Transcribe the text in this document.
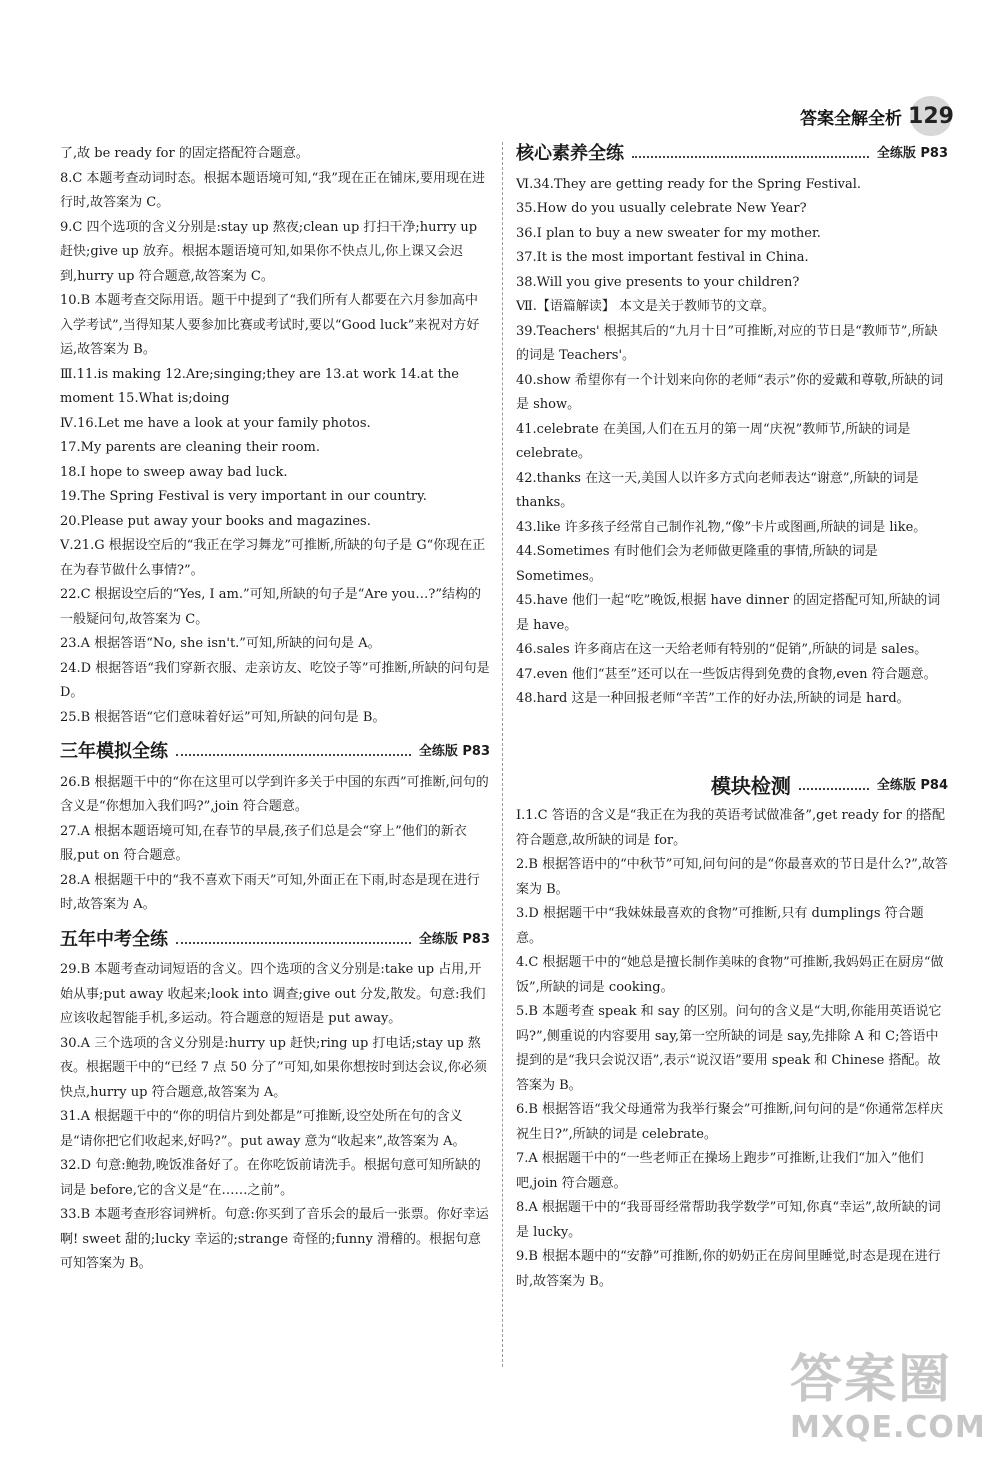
答案全解全析 129

了,故 be ready for 的固定搭配符合题意。

8.C 本题考查动词时态。根据本题语境可知,“我”现在正在铺床,要用现在进行时,故答案为 C。

9.C 四个选项的含义分别是:stay up 熬夜;clean up 打扫干净;hurry up 赶快;give up 放弃。根据本题语境可知,如果你不快点儿,你上课又会迟到,hurry up 符合题意,故答案为 C。

10.B 本题考查交际用语。题干中提到了“我们所有人都要在六月参加高中入学考试”,当得知某人要参加比赛或考试时,要以“Good luck”来祝对方好运,故答案为 B。

Ⅲ.11.is making 12.Are;singing;they are 13.at work 14.at the moment 15.What is;doing

Ⅳ.16.Let me have a look at your family photos.

17.My parents are cleaning their room.

18.I hope to sweep away bad luck.

19.The Spring Festival is very important in our country.

20.Please put away your books and magazines.

Ⅴ.21.G 根据设空后的“我正在学习舞龙”可推断,所缺的句子是 G“你现在正在为春节做什么事情?”。

22.C 根据设空后的“Yes, I am.”可知,所缺的句子是“Are you…?”结构的一般疑问句,故答案为 C。

23.A 根据答语“No, she isn't.”可知,所缺的问句是 A。

24.D 根据答语“我们穿新衣服、走亲访友、吃饺子等”可推断,所缺的问句是 D。

25.B 根据答语“它们意味着好运”可知,所缺的问句是 B。

三年模拟全练	全练版 P83

26.B 根据题干中的“你在这里可以学到许多关于中国的东西”可推断,问句的含义是“你想加入我们吗?”,join 符合题意。

27.A 根据本题语境可知,在春节的早晨,孩子们总是会“穿上”他们的新衣服,put on 符合题意。

28.A 根据题干中的“我不喜欢下雨天”可知,外面正在下雨,时态是现在进行时,故答案为 A。

五年中考全练	全练版 P83

29.B 本题考查动词短语的含义。四个选项的含义分别是:take up 占用,开始从事;put away 收起来;look into 调查;give out 分发,散发。句意:我们应该收起智能手机,多运动。符合题意的短语是 put away。

30.A 三个选项的含义分别是:hurry up 赶快;ring up 打电话;stay up 熬夜。根据题干中的“已经 7 点 50 分了”可知,如果你想按时到达会议,你必须快点,hurry up 符合题意,故答案为 A。

31.A 根据题干中的“你的明信片到处都是”可推断,设空处所在句的含义是“请你把它们收起来,好吗?”。put away 意为“收起来”,故答案为 A。

32.D 句意:鲍勃,晚饭准备好了。在你吃饭前请洗手。根据句意可知所缺的词是 before,它的含义是“在……之前”。

33.B 本题考查形容词辨析。句意:你买到了音乐会的最后一张票。你好幸运啊! sweet 甜的;lucky 幸运的;strange 奇怪的;funny 滑稽的。根据句意可知答案为 B。

核心素养全练	全练版 P83

Ⅵ.34.They are getting ready for the Spring Festival.

35.How do you usually celebrate New Year?

36.I plan to buy a new sweater for my mother.

37.It is the most important festival in China.

38.Will you give presents to your children?

Ⅶ.【语篇解读】 本文是关于教师节的文章。

39.Teachers' 根据其后的“九月十日”可推断,对应的节日是“教师节”,所缺的词是 Teachers'。

40.show 希望你有一个计划来向你的老师“表示”你的爱戴和尊敬,所缺的词是 show。

41.celebrate 在美国,人们在五月的第一周“庆祝”教师节,所缺的词是 celebrate。

42.thanks 在这一天,美国人以许多方式向老师表达“谢意”,所缺的词是 thanks。

43.like 许多孩子经常自己制作礼物,“像”卡片或图画,所缺的词是 like。

44.Sometimes 有时他们会为老师做更隆重的事情,所缺的词是 Sometimes。

45.have 他们一起“吃”晚饭,根据 have dinner 的固定搭配可知,所缺的词是 have。

46.sales 许多商店在这一天给老师有特别的“促销”,所缺的词是 sales。

47.even 他们“甚至”还可以在一些饭店得到免费的食物,even 符合题意。

48.hard 这是一种回报老师“辛苦”工作的好办法,所缺的词是 hard。

模块检测	全练版 P84

Ⅰ.1.C 答语的含义是“我正在为我的英语考试做准备”,get ready for 的搭配符合题意,故所缺的词是 for。

2.B 根据答语中的“中秋节”可知,问句问的是“你最喜欢的节日是什么?”,故答案为 B。

3.D 根据题干中“我妹妹最喜欢的食物”可推断,只有 dumplings 符合题意。

4.C 根据题干中的“她总是擅长制作美味的食物”可推断,我妈妈正在厨房“做饭”,所缺的词是 cooking。

5.B 本题考查 speak 和 say 的区别。问句的含义是“大明,你能用英语说它吗?”,侧重说的内容要用 say,第一空所缺的词是 say,先排除 A 和 C;答语中提到的是“我只会说汉语”,表示“说汉语”要用 speak 和 Chinese 搭配。故答案为 B。

6.B 根据答语“我父母通常为我举行聚会”可推断,问句问的是“你通常怎样庆祝生日?”,所缺的词是 celebrate。

7.A 根据题干中的“一些老师正在操场上跑步”可推断,让我们“加入”他们吧,join 符合题意。

8.A 根据题干中的“我哥哥经常帮助我学数学”可知,你真“幸运”,故所缺的词是 lucky。

9.B 根据本题中的“安静”可推断,你的奶奶正在房间里睡觉,时态是现在进行时,故答案为 B。

答案圈
MXQE.COM
